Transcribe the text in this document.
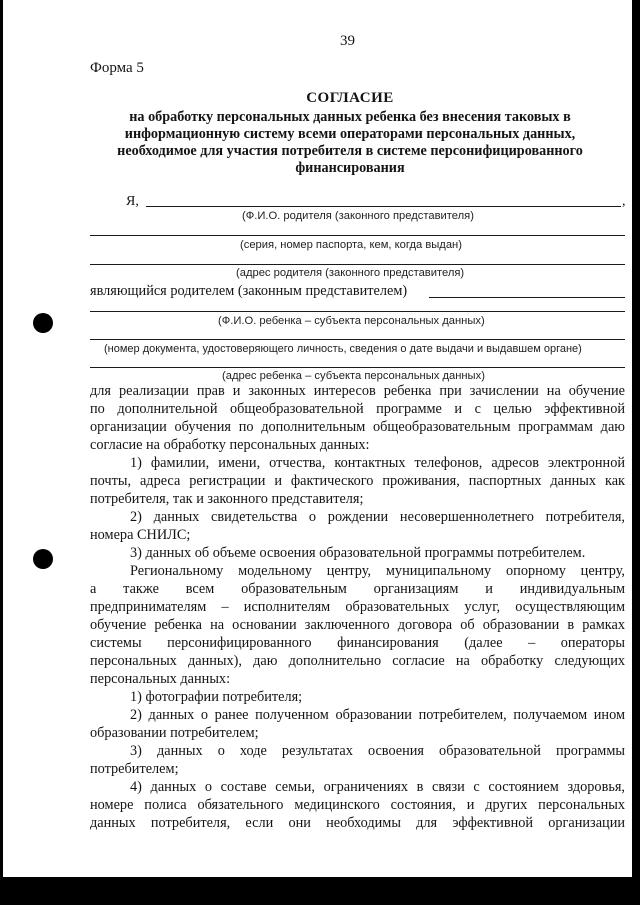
39
Форма 5
СОГЛАСИЕ
на обработку персональных данных ребенка без внесения таковых в
информационную систему всеми операторами персональных данных,
необходимое для участия потребителя в системе персонифицированного
финансирования
Я,	,
(Ф.И.О. родителя (законного представителя)
(серия, номер паспорта, кем, когда выдан)
(адрес родителя (законного представителя)
являющийся родителем (законным представителем)
(Ф.И.О. ребенка – субъекта персональных данных)
(номер документа, удостоверяющего личность, сведения о дате выдачи и выдавшем органе)
(адрес ребенка – субъекта персональных данных)
для реализации прав и законных интересов ребенка при зачислении на обучение
по дополнительной общеобразовательной программе и с целью эффективной
организации обучения по дополнительным общеобразовательным программам даю
согласие на обработку персональных данных:
1) фамилии, имени, отчества, контактных телефонов, адресов электронной
почты, адреса регистрации и фактического проживания, паспортных данных как
потребителя, так и законного представителя;
2) данных свидетельства о рождении несовершеннолетнего потребителя,
номера СНИЛС;
3) данных об объеме освоения образовательной программы потребителем.
Региональному модельному центру, муниципальному опорному центру,
а также всем образовательным организациям и индивидуальным
предпринимателям – исполнителям образовательных услуг, осуществляющим
обучение ребенка на основании заключенного договора об образовании в рамках
системы персонифицированного финансирования (далее – операторы
персональных данных), даю дополнительно согласие на обработку следующих
персональных данных:
1) фотографии потребителя;
2) данных о ранее полученном образовании потребителем, получаемом ином
образовании потребителем;
3) данных о ходе результатах освоения образовательной программы
потребителем;
4) данных о составе семьи, ограничениях в связи с состоянием здоровья,
номере полиса обязательного медицинского состояния, и других персональных
данных потребителя, если они необходимы для эффективной организации
